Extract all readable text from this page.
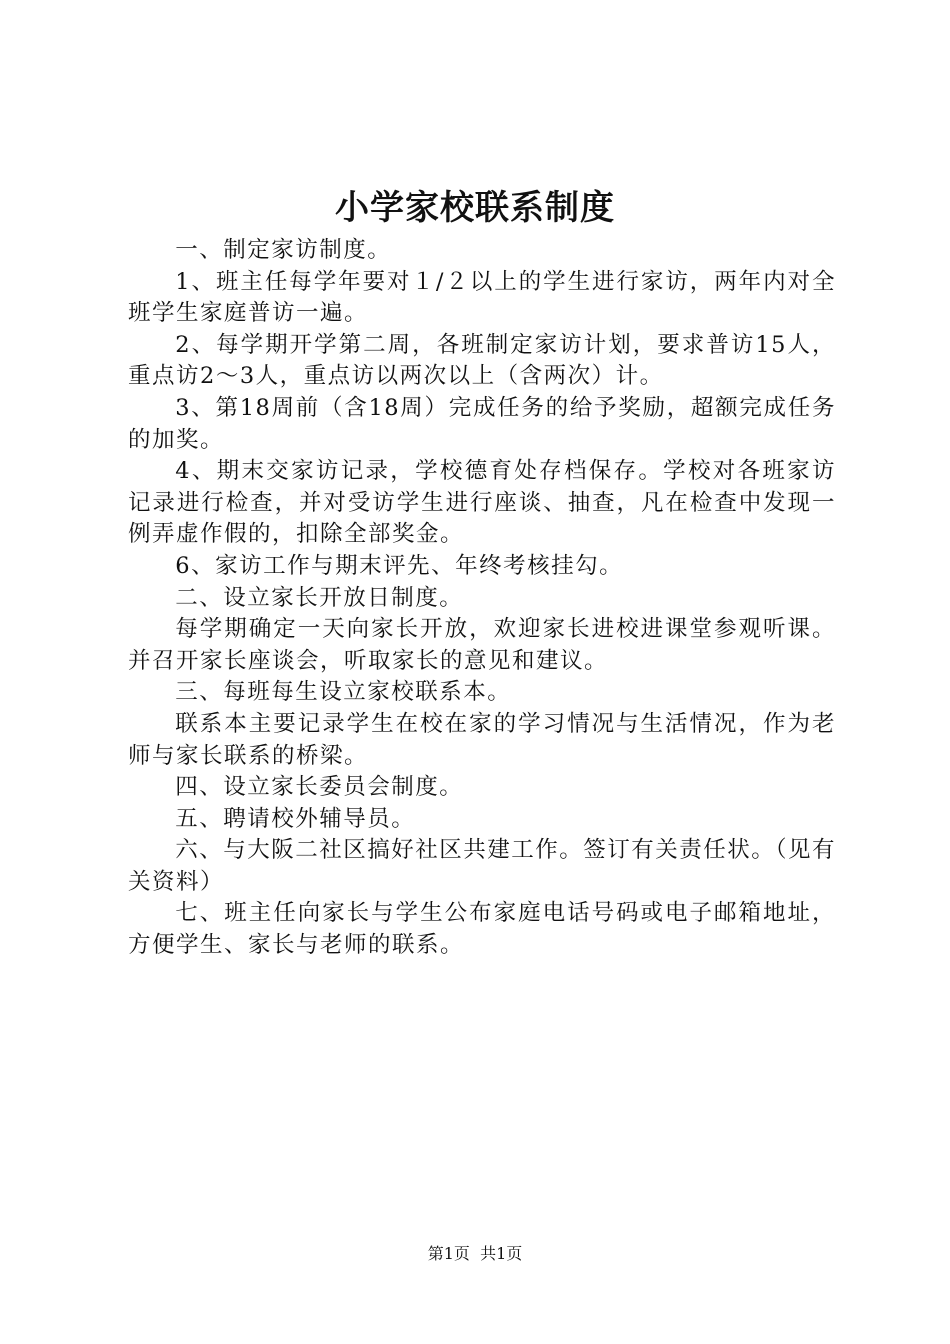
小学家校联系制度

一、制定家访制度。

1、班主任每学年要对１/２以上的学生进行家访，两年内对全班学生家庭普访一遍。

2、每学期开学第二周，各班制定家访计划，要求普访15人，重点访2～3人，重点访以两次以上（含两次）计。

3、第18周前（含18周）完成任务的给予奖励，超额完成任务的加奖。

4、期末交家访记录，学校德育处存档保存。学校对各班家访记录进行检查，并对受访学生进行座谈、抽查，凡在检查中发现一例弄虚作假的，扣除全部奖金。

6、家访工作与期末评先、年终考核挂勾。

二、设立家长开放日制度。

每学期确定一天向家长开放，欢迎家长进校进课堂参观听课。并召开家长座谈会，听取家长的意见和建议。

三、每班每生设立家校联系本。

联系本主要记录学生在校在家的学习情况与生活情况，作为老师与家长联系的桥梁。

四、设立家长委员会制度。

五、聘请校外辅导员。

六、与大阪二社区搞好社区共建工作。签订有关责任状。（见有关资料）

七、班主任向家长与学生公布家庭电话号码或电子邮箱地址，方便学生、家长与老师的联系。

第1页 共1页
